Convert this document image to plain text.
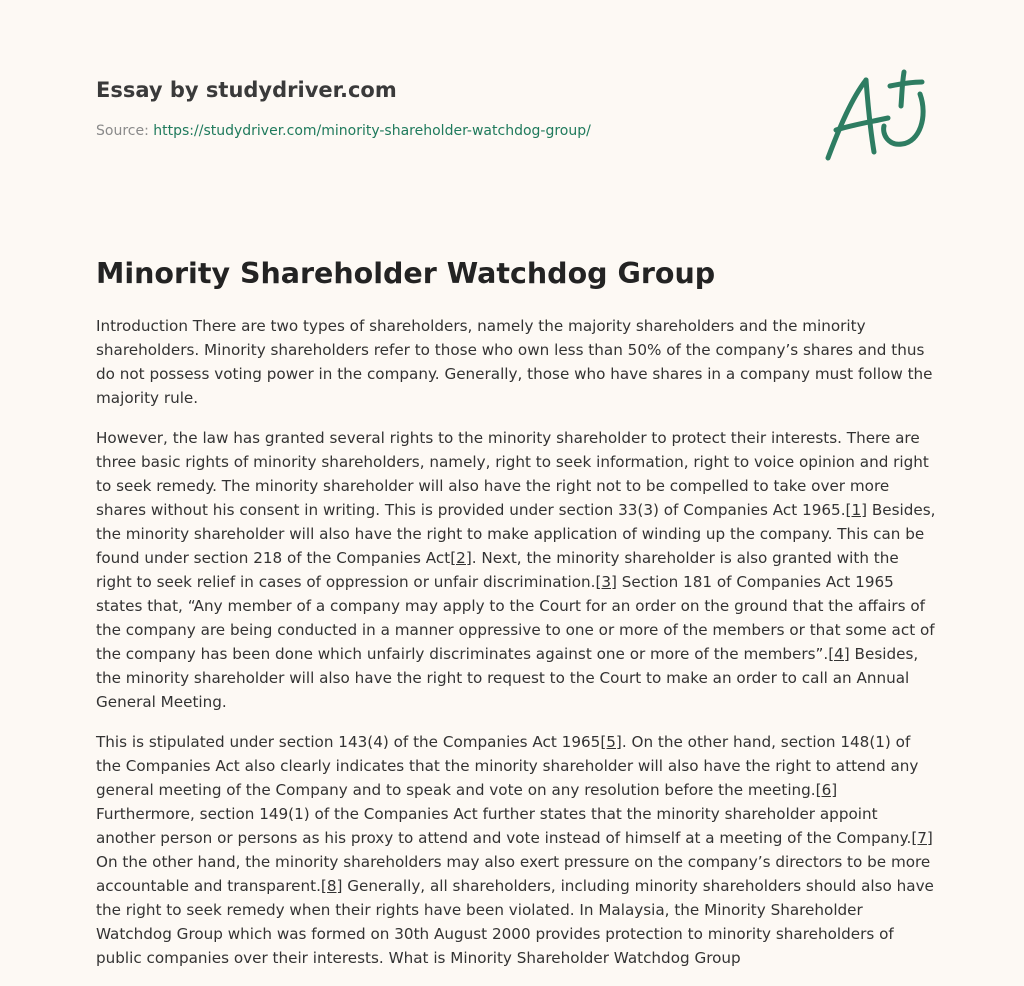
Essay by studydriver.com
Source: https://studydriver.com/minority-shareholder-watchdog-group/
Minority Shareholder Watchdog Group

Introduction There are two types of shareholders, namely the majority shareholders and the minority shareholders. Minority shareholders refer to those who own less than 50% of the company’s shares and thus do not possess voting power in the company. Generally, those who have shares in a company must follow the majority rule.

However, the law has granted several rights to the minority shareholder to protect their interests. There are three basic rights of minority shareholders, namely, right to seek information, right to voice opinion and right to seek remedy. The minority shareholder will also have the right not to be compelled to take over more shares without his consent in writing. This is provided under section 33(3) of Companies Act 1965.[1] Besides, the minority shareholder will also have the right to make application of winding up the company. This can be found under section 218 of the Companies Act[2]. Next, the minority shareholder is also granted with the right to seek relief in cases of oppression or unfair discrimination.[3] Section 181 of Companies Act 1965 states that, “Any member of a company may apply to the Court for an order on the ground that the affairs of the company are being conducted in a manner oppressive to one or more of the members or that some act of the company has been done which unfairly discriminates against one or more of the members”.[4] Besides, the minority shareholder will also have the right to request to the Court to make an order to call an Annual General Meeting.

This is stipulated under section 143(4) of the Companies Act 1965[5]. On the other hand, section 148(1) of the Companies Act also clearly indicates that the minority shareholder will also have the right to attend any general meeting of the Company and to speak and vote on any resolution before the meeting.[6] Furthermore, section 149(1) of the Companies Act further states that the minority shareholder appoint another person or persons as his proxy to attend and vote instead of himself at a meeting of the Company.[7] On the other hand, the minority shareholders may also exert pressure on the company’s directors to be more accountable and transparent.[8] Generally, all shareholders, including minority shareholders should also have the right to seek remedy when their rights have been violated. In Malaysia, the Minority Shareholder Watchdog Group which was formed on 30th August 2000 provides protection to minority shareholders of public companies over their interests. What is Minority Shareholder Watchdog Group
